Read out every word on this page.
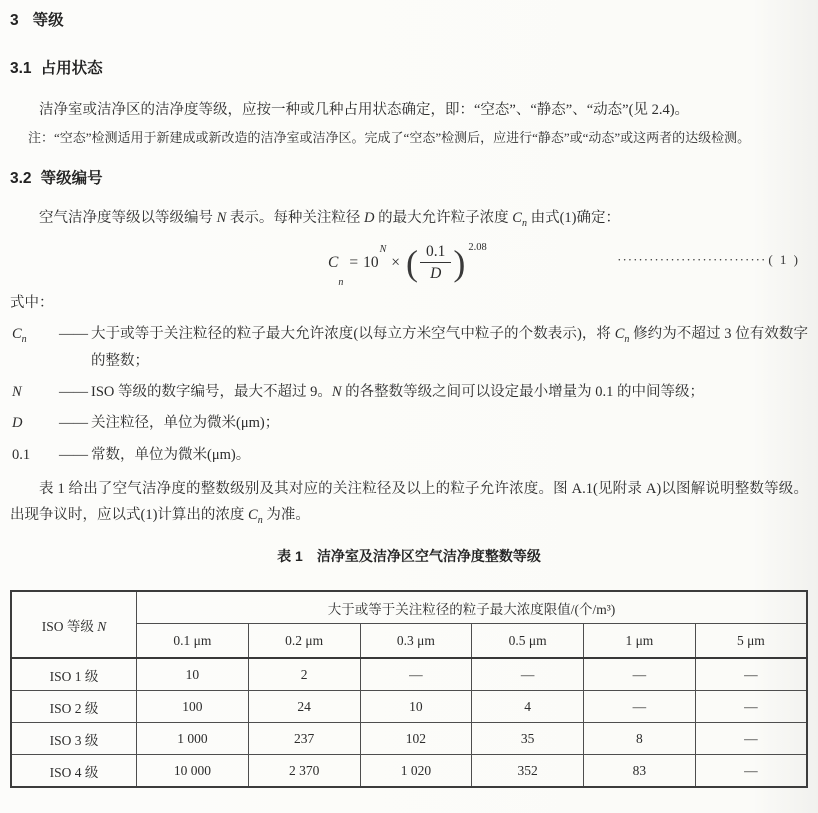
3 等级
3.1 占用状态

洁净室或洁净区的洁净度等级，应按一种或几种占用状态确定，即：“空态”、“静态”、“动态”(见 2.4)。

注：“空态”检测适用于新建成或新改造的洁净室或洁净区。完成了“空态”检测后，应进行“静态”或“动态”或这两者的达级检测。

3.2 等级编号

空气洁净度等级以等级编号 N 表示。每种关注粒径 D 的最大允许粒子浓度 $C_n$ 由式(1)确定：

C
n
= 10
N
× ( $\frac{0.1}{D}$ ) 2.08
···························· ( 1 )

式中：

$C_n$	—— 大于或等于关注粒径的粒子最大允许浓度(以每立方米空气中粒子的个数表示)，将 $C_n$ 修约为不超过 3 位有效数字的整数；
N	—— ISO 等级的数字编号，最大不超过 9。N 的各整数等级之间可以设定最小增量为 0.1 的中间等级；
D	—— 关注粒径，单位为微米(μm)；
0.1	—— 常数，单位为微米(μm)。

表 1 给出了空气洁净度的整数级别及其对应的关注粒径及以上的粒子允许浓度。图 A.1(见附录 A)以图解说明整数等级。出现争议时，应以式(1)计算出的浓度 $C_n$ 为准。

表 1 洁净室及洁净区空气洁净度整数等级
ISO 等级 N	大于或等于关注粒径的粒子最大浓度限值/(个/m³)					
	0.1 μm	0.2 μm	0.3 μm	0.5 μm	1 μm	5 μm
ISO 1 级	10	2	—	—	—	—
ISO 2 级	100	24	10	4	—	—
ISO 3 级	1 000	237	102	35	8	—
ISO 4 级	10 000	2 370	1 020	352	83	—
